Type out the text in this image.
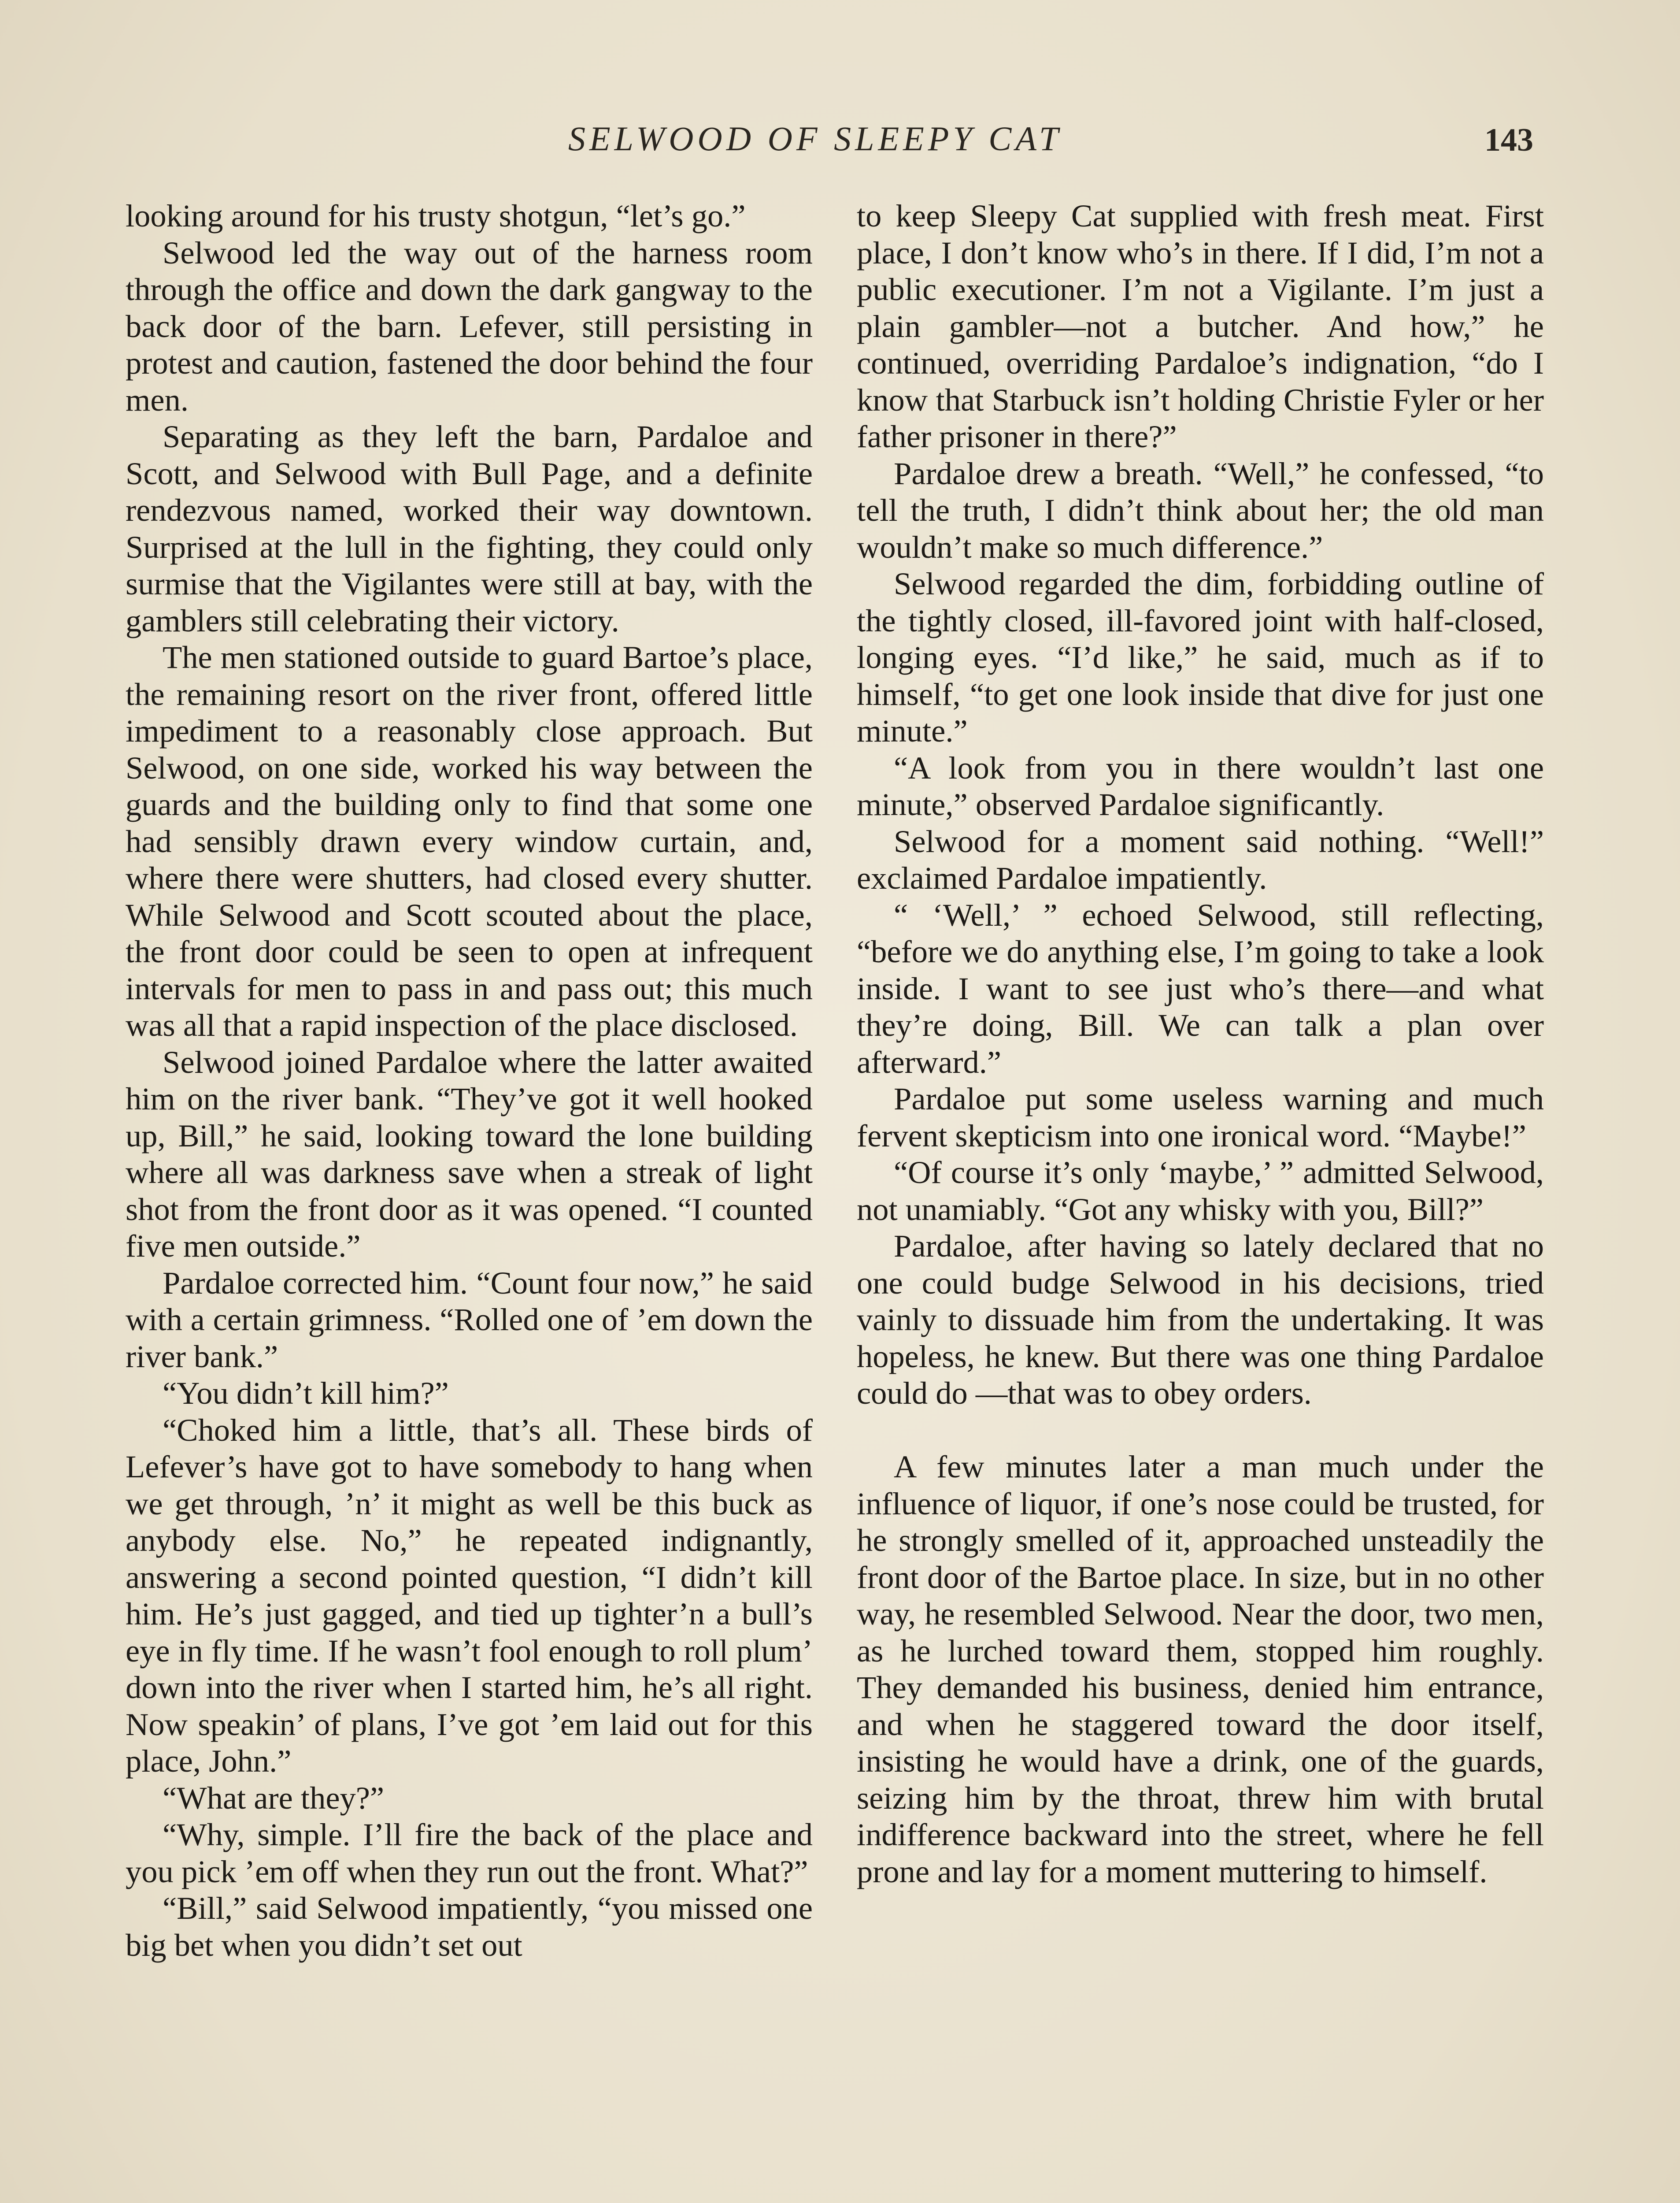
SELWOOD OF SLEEPY CAT	143

looking around for his trusty shotgun, “let’s go.”

Selwood led the way out of the harness room through the office and down the dark gangway to the back door of the barn. Lefever, still persisting in protest and caution, fastened the door behind the four men.

Separating as they left the barn, Pardaloe and Scott, and Selwood with Bull Page, and a definite rendezvous named, worked their way downtown. Surprised at the lull in the fighting, they could only surmise that the Vigilantes were still at bay, with the gamblers still celebrating their victory.

The men stationed outside to guard Bartoe’s place, the remaining resort on the river front, offered little impediment to a reasonably close approach. But Selwood, on one side, worked his way between the guards and the building only to find that some one had sensibly drawn every window curtain, and, where there were shutters, had closed every shutter. While Selwood and Scott scouted about the place, the front door could be seen to open at infrequent intervals for men to pass in and pass out; this much was all that a rapid inspection of the place disclosed.

Selwood joined Pardaloe where the latter awaited him on the river bank. “They’ve got it well hooked up, Bill,” he said, looking toward the lone building where all was darkness save when a streak of light shot from the front door as it was opened. “I counted five men outside.”

Pardaloe corrected him. “Count four now,” he said with a certain grimness. “Rolled one of ’em down the river bank.”

“You didn’t kill him?”

“Choked him a little, that’s all. These birds of Lefever’s have got to have somebody to hang when we get through, ’n’ it might as well be this buck as anybody else. No,” he repeated indignantly, answering a second pointed question, “I didn’t kill him. He’s just gagged, and tied up tighter’n a bull’s eye in fly time. If he wasn’t fool enough to roll plum’ down into the river when I started him, he’s all right. Now speakin’ of plans, I’ve got ’em laid out for this place, John.”

“What are they?”

“Why, simple. I’ll fire the back of the place and you pick ’em off when they run out the front. What?”

“Bill,” said Selwood impatiently, “you missed one big bet when you didn’t set out

to keep Sleepy Cat supplied with fresh meat. First place, I don’t know who’s in there. If I did, I’m not a public executioner. I’m not a Vigilante. I’m just a plain gambler—not a butcher. And how,” he continued, overriding Pardaloe’s indignation, “do I know that Starbuck isn’t holding Christie Fyler or her father prisoner in there?”

Pardaloe drew a breath. “Well,” he confessed, “to tell the truth, I didn’t think about her; the old man wouldn’t make so much difference.”

Selwood regarded the dim, forbidding outline of the tightly closed, ill-favored joint with half-closed, longing eyes. “I’d like,” he said, much as if to himself, “to get one look inside that dive for just one minute.”

“A look from you in there wouldn’t last one minute,” observed Pardaloe significantly.

Selwood for a moment said nothing. “Well!” exclaimed Pardaloe impatiently.

“ ‘Well,’ ” echoed Selwood, still reflecting, “before we do anything else, I’m going to take a look inside. I want to see just who’s there—and what they’re doing, Bill. We can talk a plan over afterward.”

Pardaloe put some useless warning and much fervent skepticism into one ironical word. “Maybe!”

“Of course it’s only ‘maybe,’ ” admitted Selwood, not unamiably. “Got any whisky with you, Bill?”

Pardaloe, after having so lately declared that no one could budge Selwood in his decisions, tried vainly to dissuade him from the undertaking. It was hopeless, he knew. But there was one thing Pardaloe could do —that was to obey orders.

A few minutes later a man much under the influence of liquor, if one’s nose could be trusted, for he strongly smelled of it, approached unsteadily the front door of the Bartoe place. In size, but in no other way, he resembled Selwood. Near the door, two men, as he lurched toward them, stopped him roughly. They demanded his business, denied him entrance, and when he staggered toward the door itself, insisting he would have a drink, one of the guards, seizing him by the throat, threw him with brutal indifference backward into the street, where he fell prone and lay for a moment muttering to himself.
